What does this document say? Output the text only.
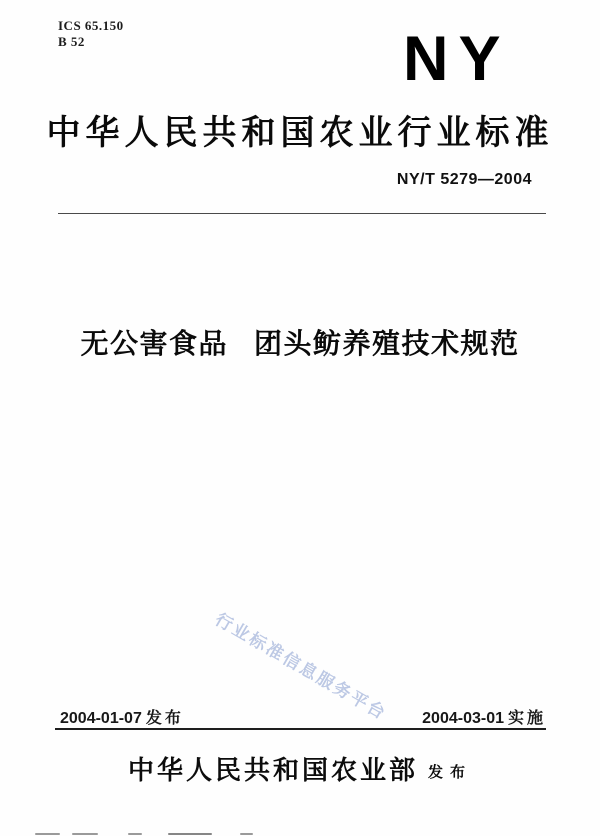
ICS 65.150
B 52	NY
中华人民共和国农业行业标准
NY/T 5279—2004
无公害食品 团头鲂养殖技术规范
行业标准信息服务平台
2004-01-07 发布	2004-03-01 实施
中华人民共和国农业部 发布
